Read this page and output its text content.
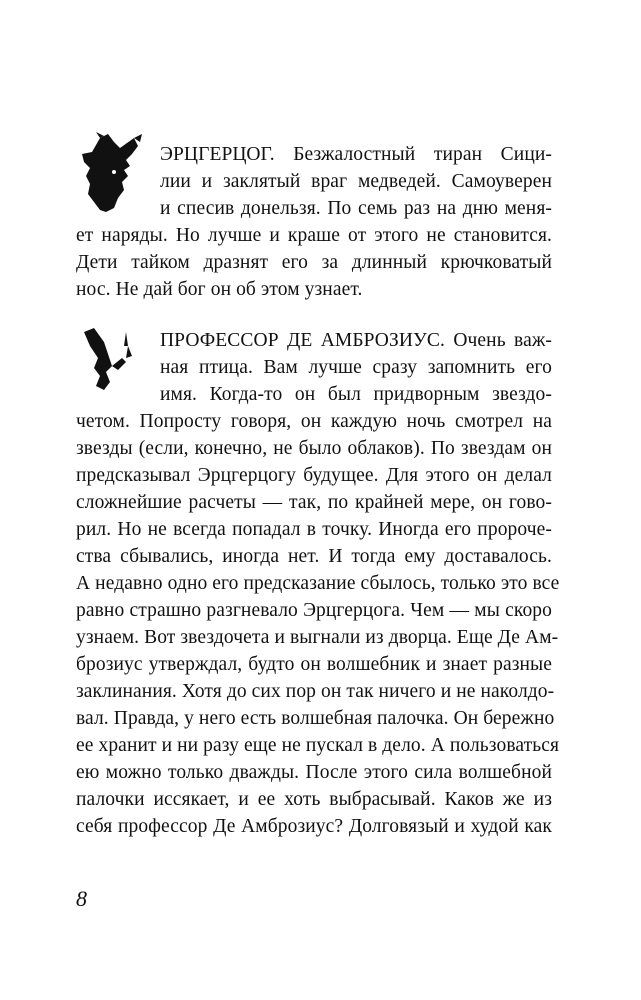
ЭРЦГЕРЦОГ. Безжалостный тиран Сици-
лии и заклятый враг медведей. Самоуверен
и спесив донельзя. По семь раз на дню меня-
ет наряды. Но лучше и краше от этого не становится.
Дети тайком дразнят его за длинный крючковатый
нос. Не дай бог он об этом узнает.
ПРОФЕССОР ДЕ АМБРОЗИУС. Очень важ-
ная птица. Вам лучше сразу запомнить его
имя. Когда-то он был придворным звездо-
четом. Попросту говоря, он каждую ночь смотрел на
звезды (если, конечно, не было облаков). По звездам он
предсказывал Эрцгерцогу будущее. Для этого он делал
сложнейшие расчеты — так, по крайней мере, он гово-
рил. Но не всегда попадал в точку. Иногда его пророче-
ства сбывались, иногда нет. И тогда ему доставалось.
А недавно одно его предсказание сбылось, только это все
равно страшно разгневало Эрцгерцога. Чем — мы скоро
узнаем. Вот звездочета и выгнали из дворца. Еще Де Ам-
брозиус утверждал, будто он волшебник и знает разные
заклинания. Хотя до сих пор он так ничего и не наколдо-
вал. Правда, у него есть волшебная палочка. Он бережно
ее хранит и ни разу еще не пускал в дело. А пользоваться
ею можно только дважды. После этого сила волшебной
палочки иссякает, и ее хоть выбрасывай. Каков же из
себя профессор Де Амброзиус? Долговязый и худой как
8
